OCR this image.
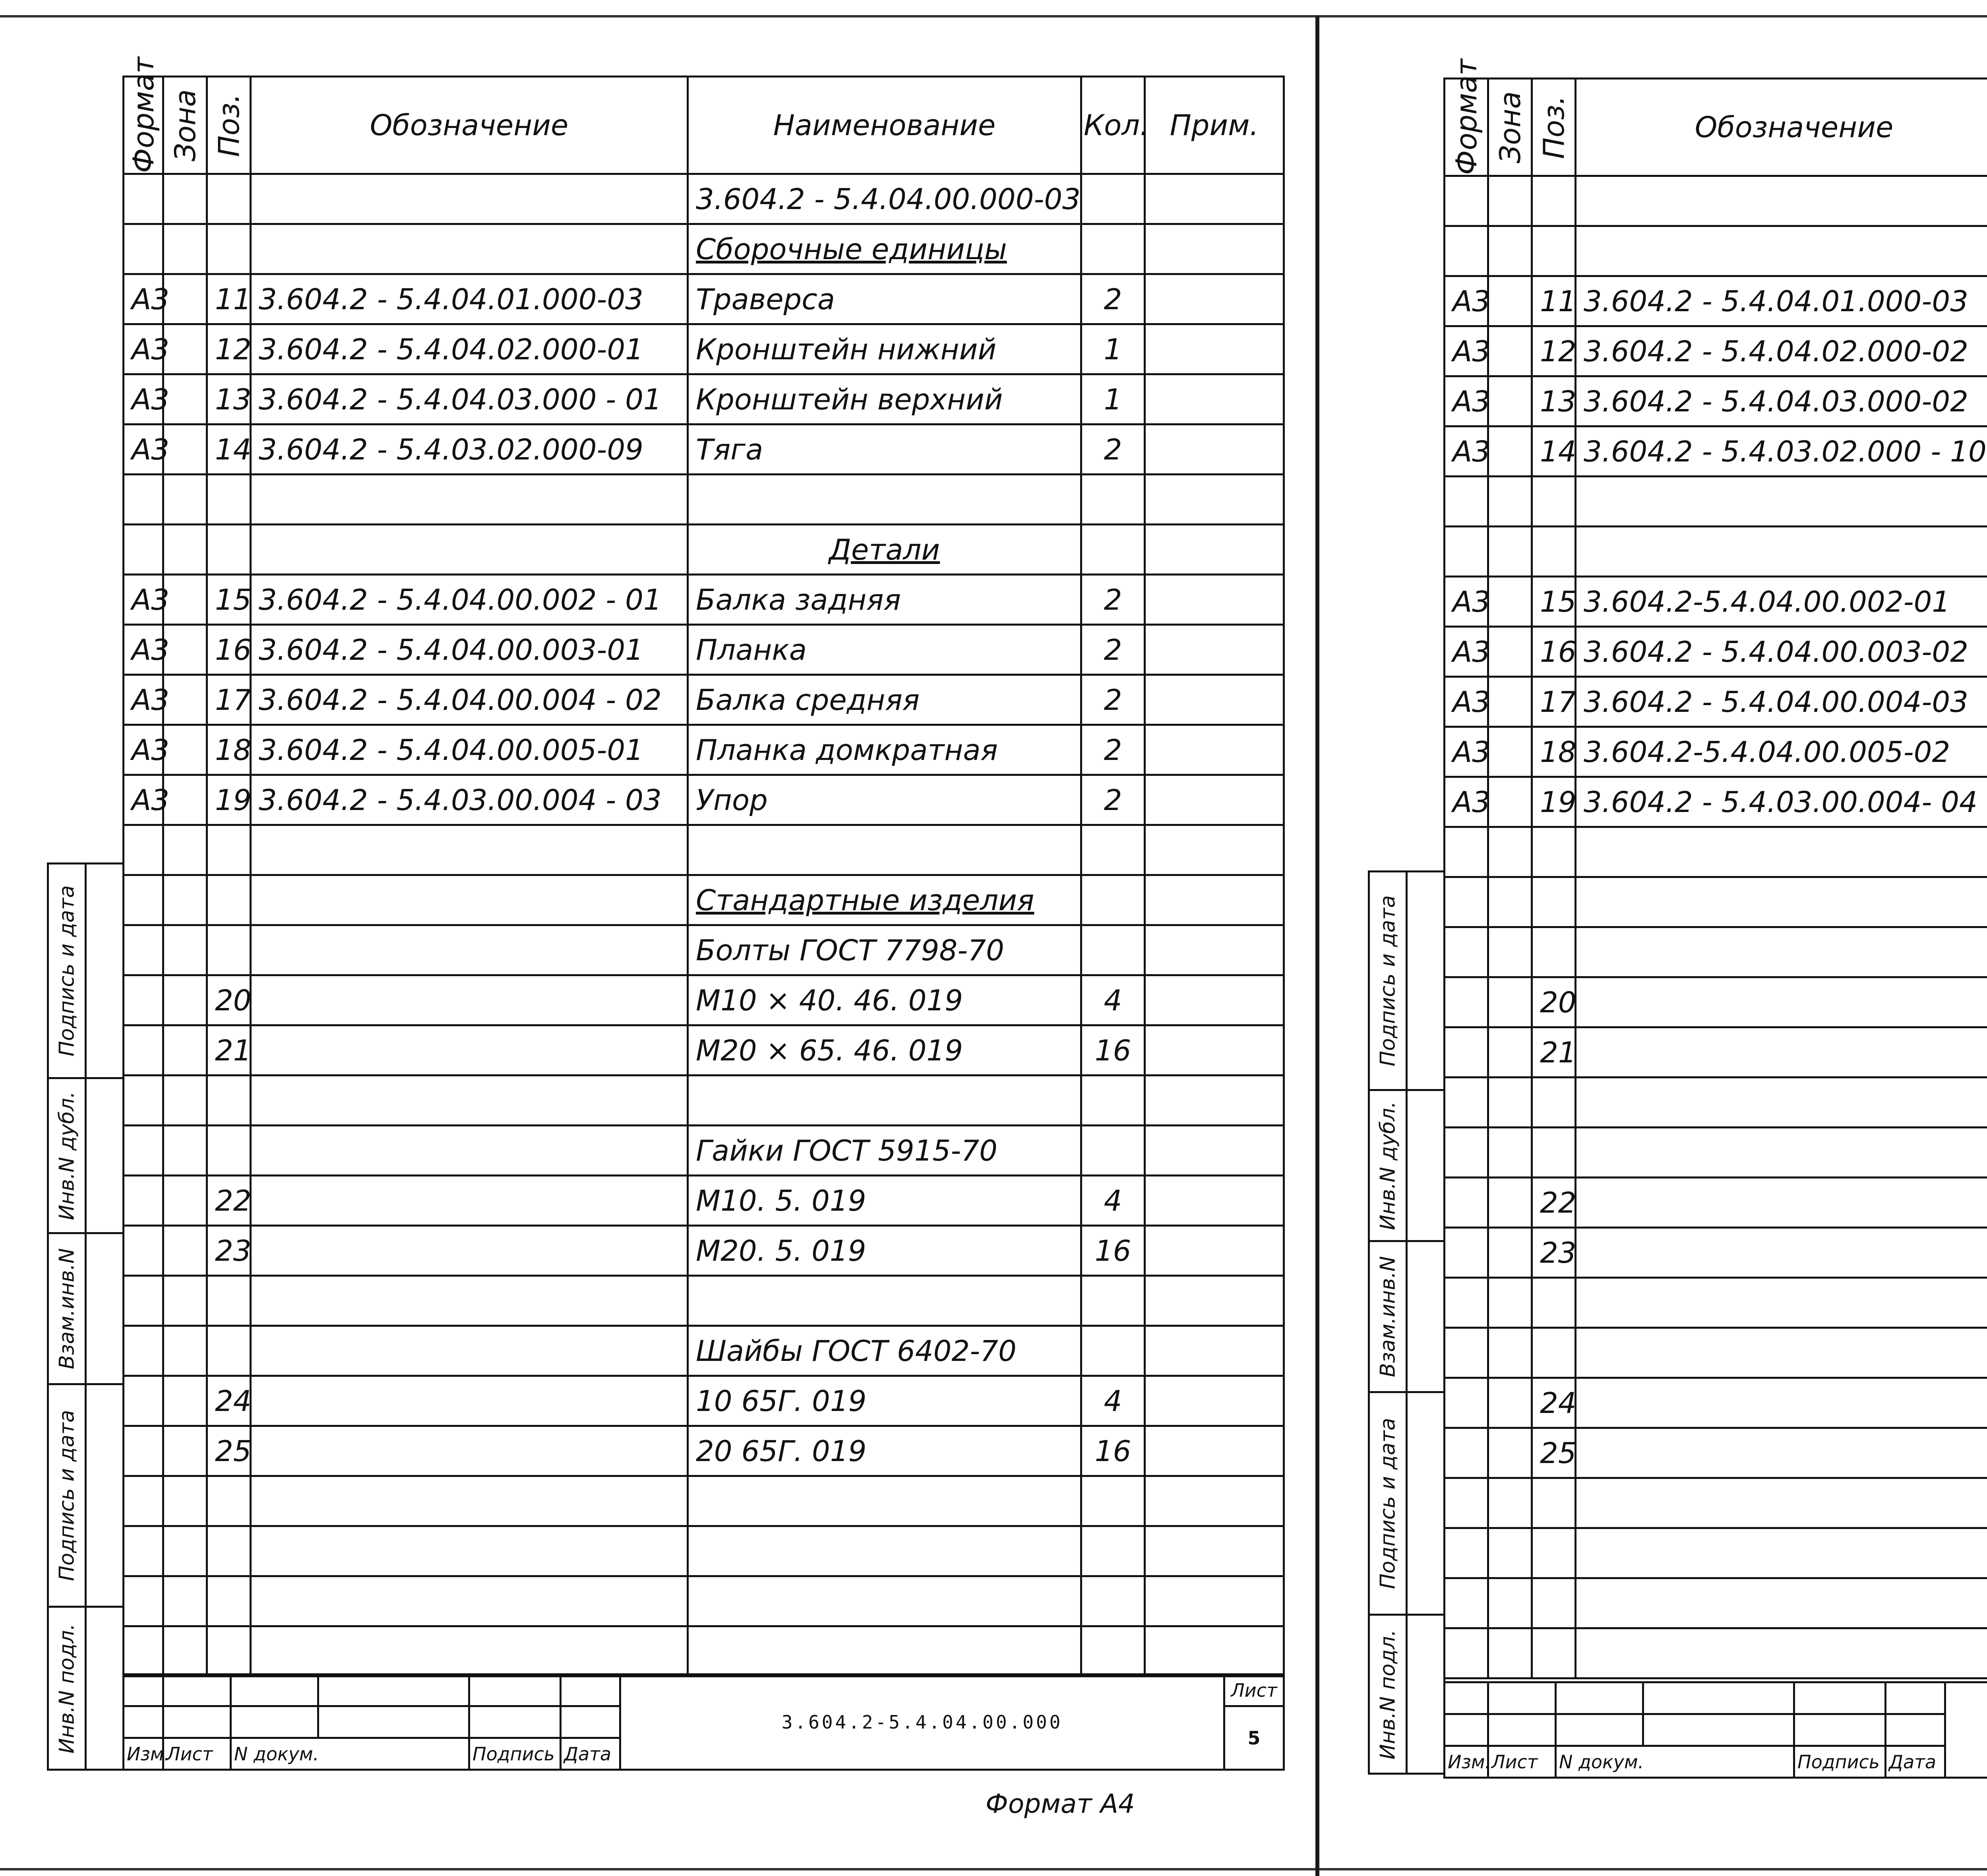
Подпись и дата	
Инв.N дубл.	
Взам.инв.N	
Подпись и дата	
Инв.N подл.	
Формат	Зона	Поз.	Обозначение	Наименование	Кол.	Прим.
				3.604.2 - 5.4.04.00.000-03		
				Сборочные единицы		
А3		11	3.604.2 - 5.4.04.01.000-03	Траверса	2	
А3		12	3.604.2 - 5.4.04.02.000-01	Кронштейн нижний	1	
А3		13	3.604.2 - 5.4.04.03.000 - 01	Кронштейн верхний	1	
А3		14	3.604.2 - 5.4.03.02.000-09	Тяга	2	

				Детали		
А3		15	3.604.2 - 5.4.04.00.002 - 01	Балка задняя	2	
А3		16	3.604.2 - 5.4.04.00.003-01	Планка	2	
А3		17	3.604.2 - 5.4.04.00.004 - 02	Балка средняя	2	
А3		18	3.604.2 - 5.4.04.00.005-01	Планка домкратная	2	
А3		19	3.604.2 - 5.4.03.00.004 - 03	Упор	2	

				Стандартные изделия		
				Болты ГОСТ 7798-70		
		20		М10 × 40. 46. 019	4	
		21		М20 × 65. 46. 019	16	

				Гайки ГОСТ 5915-70		
		22		М10. 5. 019	4	
		23		М20. 5. 019	16	

				Шайбы ГОСТ 6402-70		
		24		10 65Г. 019	4	
		25		20 65Г. 019	16	

						3.604.2-5.4.04.00.000	Лист
							5
Изм.	Лист	N докум.		Подпись	Дата		
Формат А4
Подпись и дата	
Инв.N дубл.	
Взам.инв.N	
Подпись и дата	
Инв.N подл.	
Формат	Зона	Поз.	Обозначение			

А3		11	3.604.2 - 5.4.04.01.000-03			
А3		12	3.604.2 - 5.4.04.02.000-02			
А3		13	3.604.2 - 5.4.04.03.000-02			
А3		14	3.604.2 - 5.4.03.02.000 - 10			

А3		15	3.604.2-5.4.04.00.002-01			
А3		16	3.604.2 - 5.4.04.00.003-02			
А3		17	3.604.2 - 5.4.04.00.004-03			
А3		18	3.604.2-5.4.04.00.005-02			
А3		19	3.604.2 - 5.4.03.00.004- 04			

		20				
		21				

		22				
		23				

		24				
		25				

Изм.	Лист	N докум.		Подпись	Дата		
